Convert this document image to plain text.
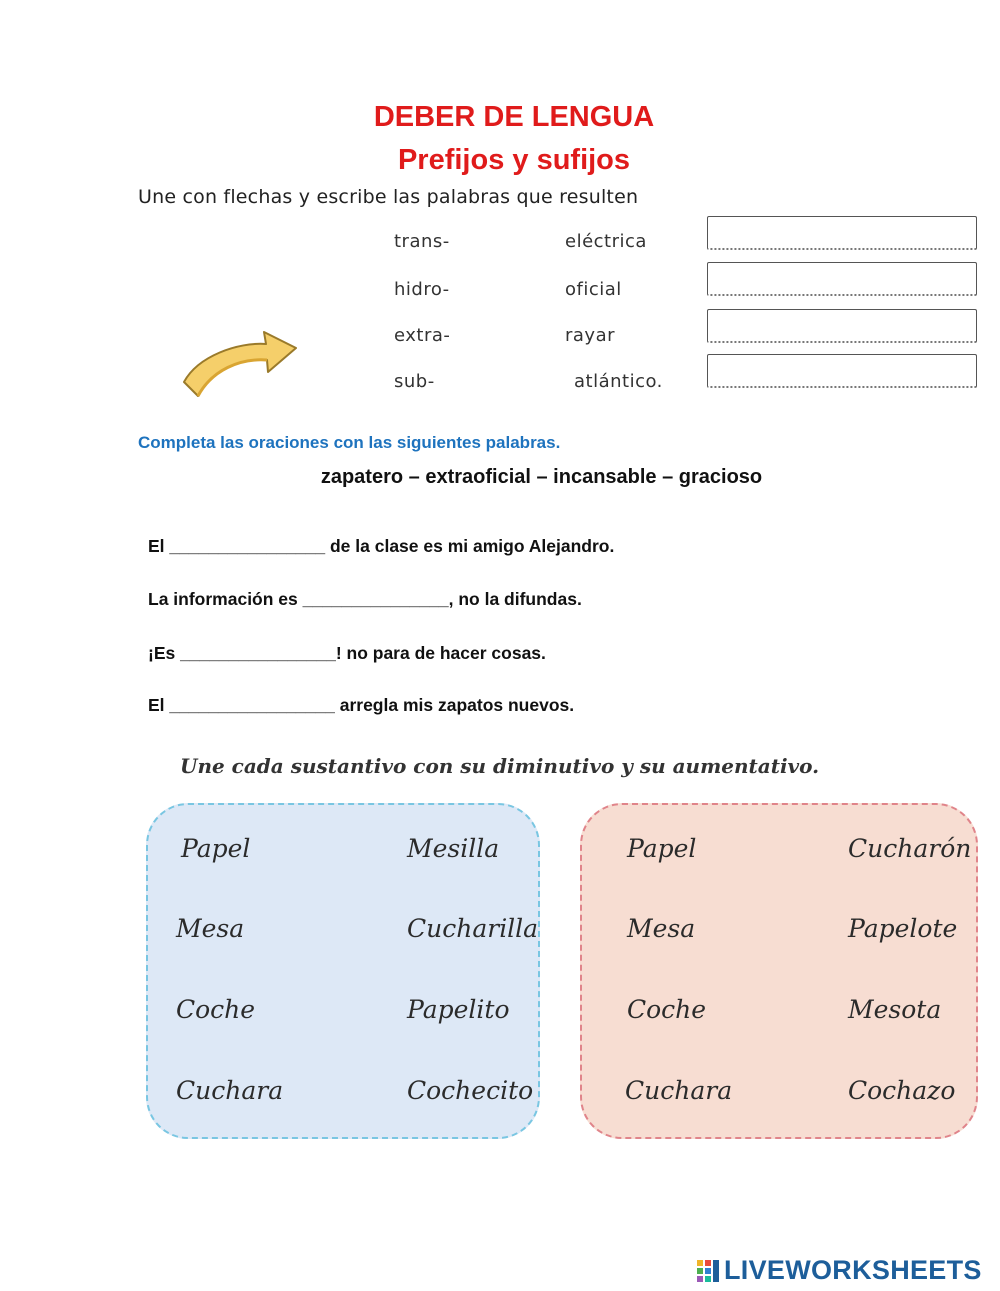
DEBER DE LENGUA
Prefijos y sufijos
Une con flechas y escribe las palabras que resulten
trans-
hidro-
extra-
sub-
eléctrica
oficial
rayar
atlántico.
Completa las oraciones con las siguientes palabras.
zapatero – extraoficial – incansable – gracioso
El ________________ de la clase es mi amigo Alejandro.
La información es _______________, no la difundas.
¡Es ________________! no para de hacer cosas.
El _________________ arregla mis zapatos nuevos.
Une cada sustantivo con su diminutivo y su aumentativo.
Papel
Mesa
Coche
Cuchara
Mesilla
Cucharilla
Papelito
Cochecito
Papel
Mesa
Coche
Cuchara
Cucharón
Papelote
Mesota
Cochazo
LIVEWORKSHEETS
